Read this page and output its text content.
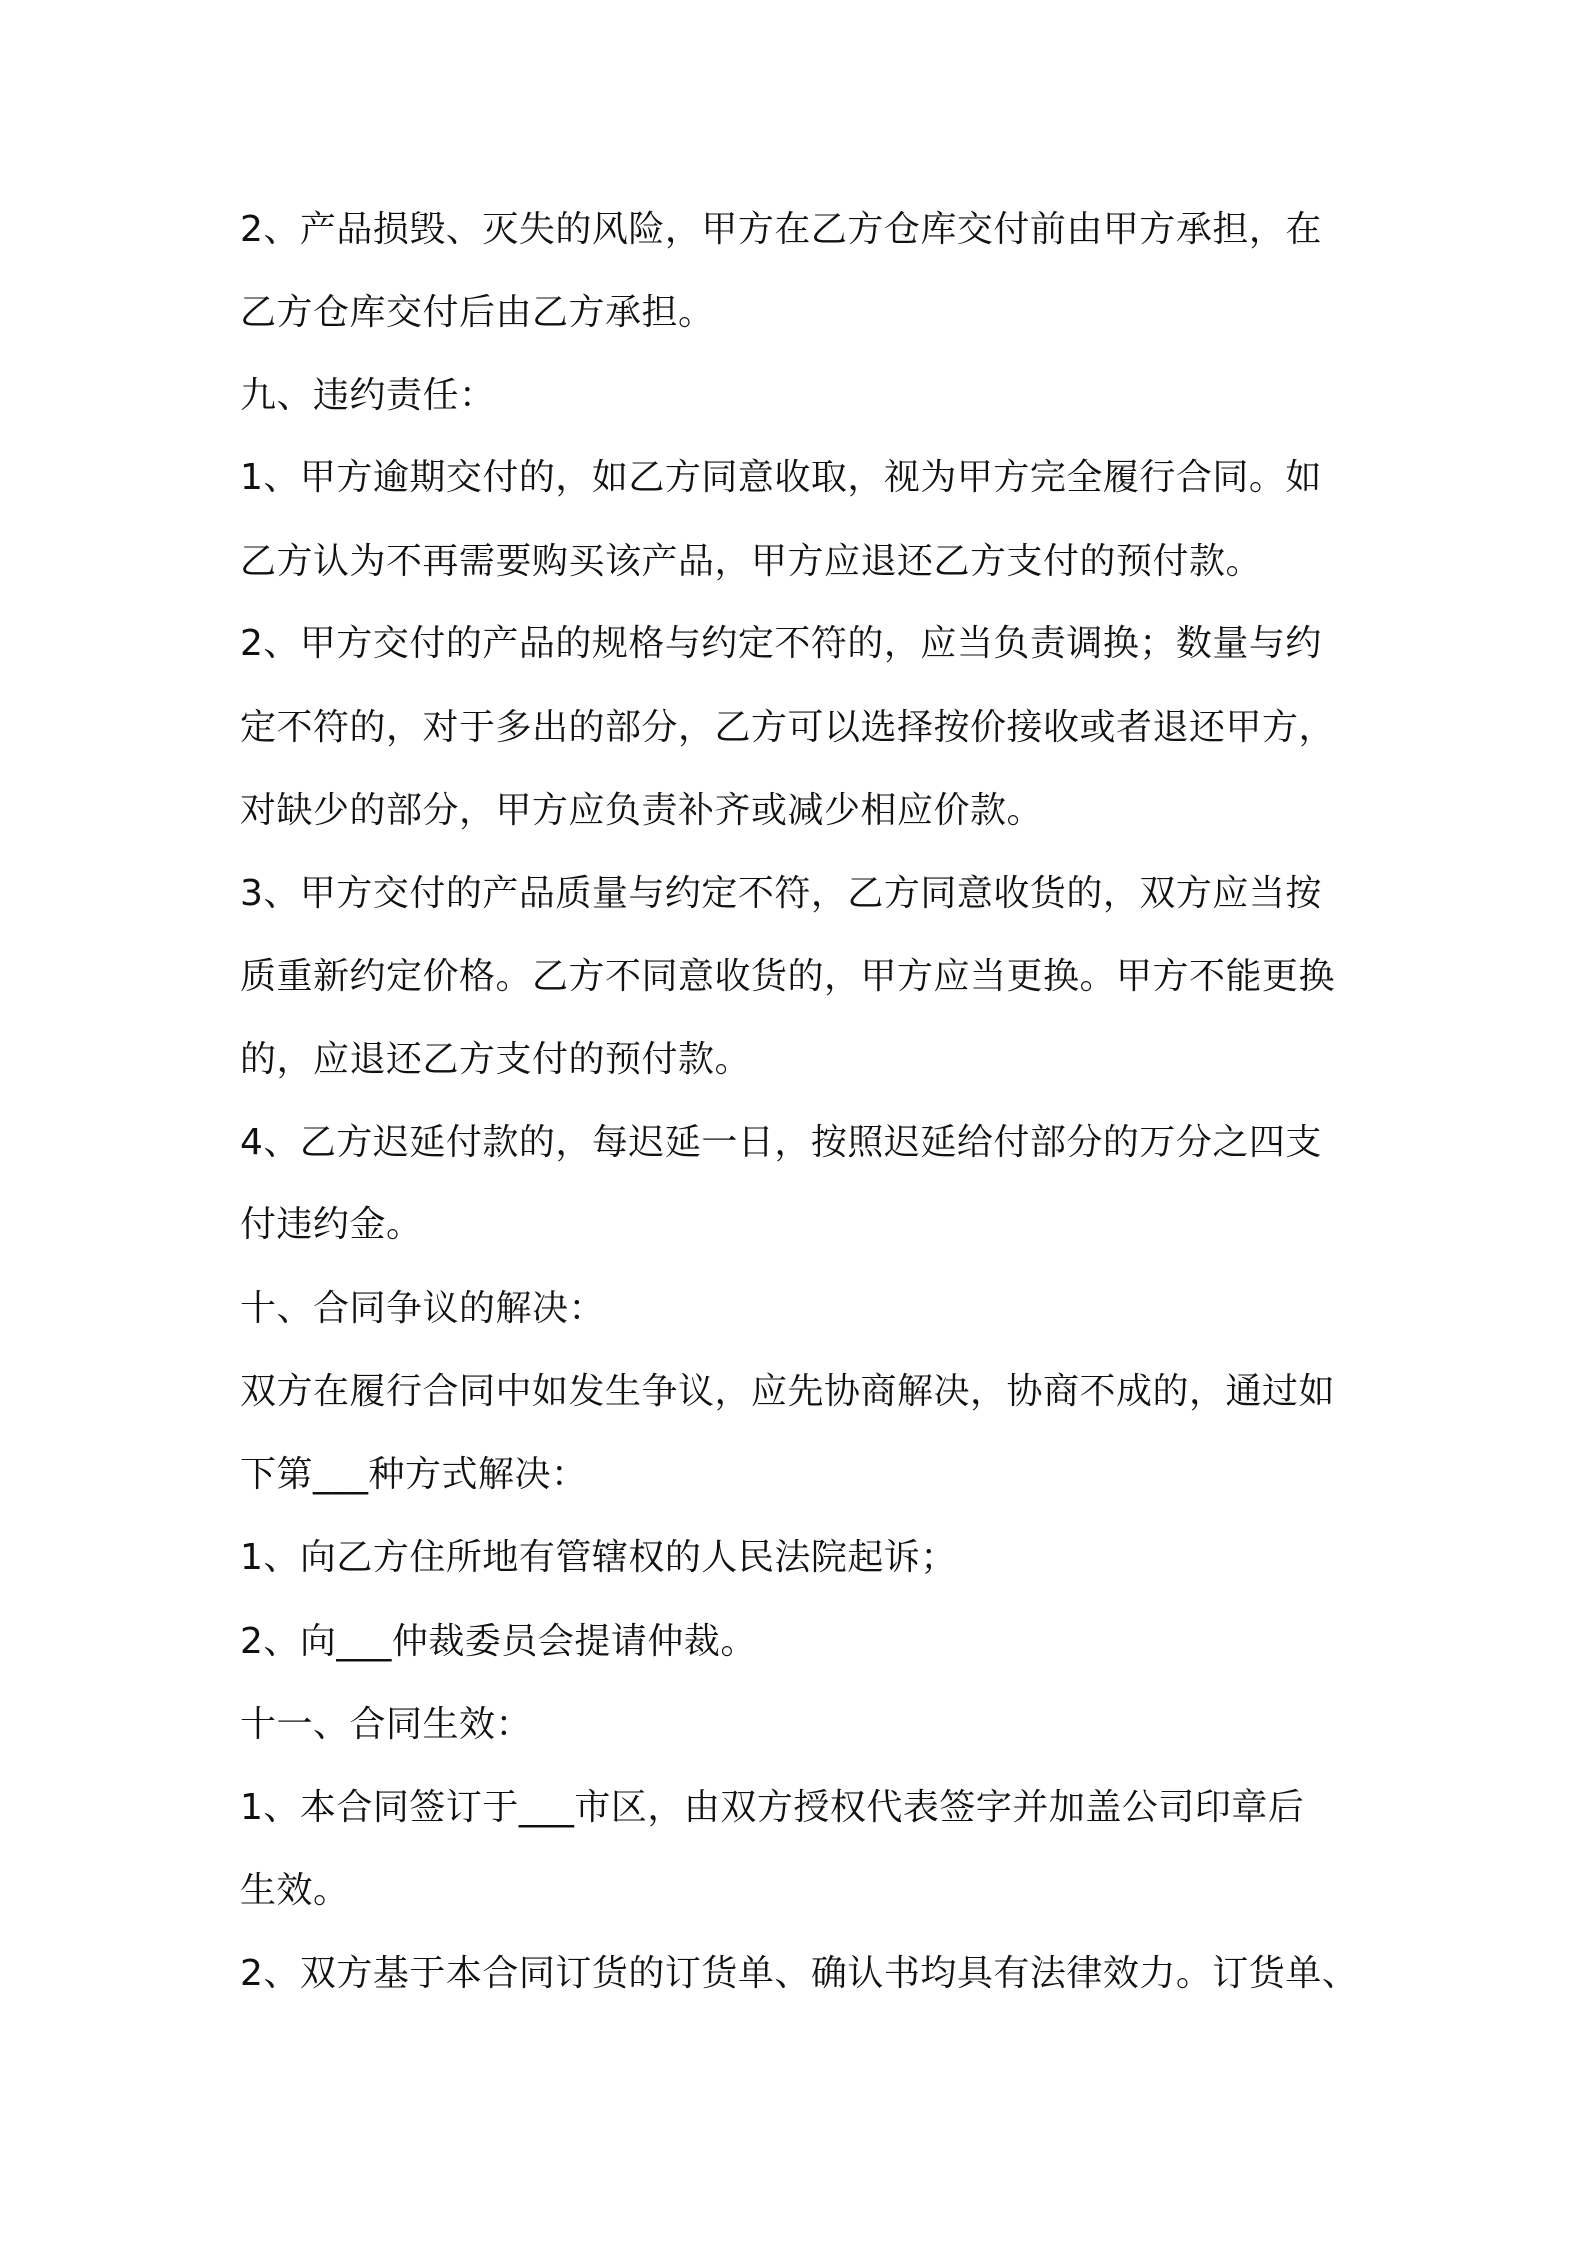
2、产品损毁、灭失的风险，甲方在乙方仓库交付前由甲方承担，在

乙方仓库交付后由乙方承担。

九、违约责任：

1、甲方逾期交付的，如乙方同意收取，视为甲方完全履行合同。如

乙方认为不再需要购买该产品，甲方应退还乙方支付的预付款。

2、甲方交付的产品的规格与约定不符的，应当负责调换；数量与约

定不符的，对于多出的部分，乙方可以选择按价接收或者退还甲方，

对缺少的部分，甲方应负责补齐或减少相应价款。

3、甲方交付的产品质量与约定不符，乙方同意收货的，双方应当按

质重新约定价格。乙方不同意收货的，甲方应当更换。甲方不能更换

的，应退还乙方支付的预付款。

4、乙方迟延付款的，每迟延一日，按照迟延给付部分的万分之四支

付违约金。

十、合同争议的解决：

双方在履行合同中如发生争议，应先协商解决，协商不成的，通过如

下第___种方式解决：

1、向乙方住所地有管辖权的人民法院起诉；

2、向___仲裁委员会提请仲裁。

十一、合同生效：

1、本合同签订于___市区，由双方授权代表签字并加盖公司印章后

生效。

2、双方基于本合同订货的订货单、确认书均具有法律效力。订货单、
